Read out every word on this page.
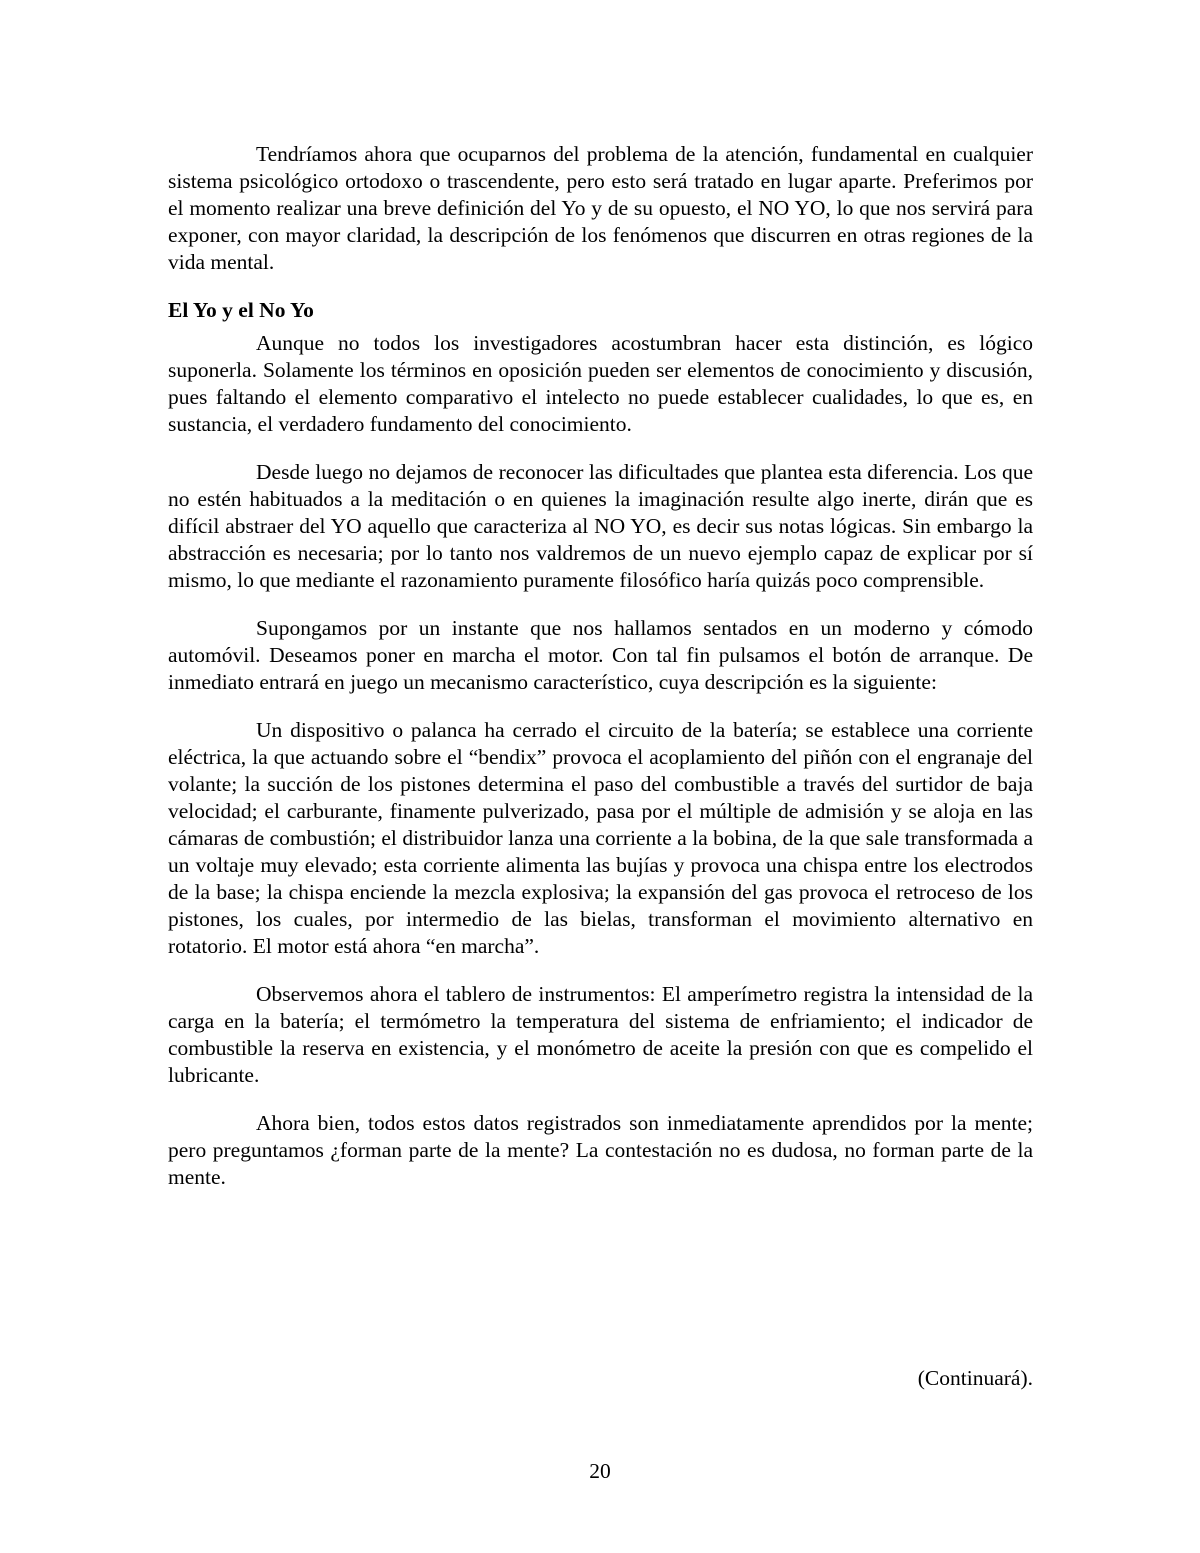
Tendríamos ahora que ocuparnos del problema de la atención, fundamental en cualquier sistema psicológico ortodoxo o trascendente, pero esto será tratado en lugar aparte. Preferimos por el momento realizar una breve definición del Yo y de su opuesto, el NO YO, lo que nos servirá para exponer, con mayor claridad, la descripción de los fenómenos que discurren en otras regiones de la vida mental.

El Yo y el No Yo

Aunque no todos los investigadores acostumbran hacer esta distinción, es lógico suponerla. Solamente los términos en oposición pueden ser elementos de conocimiento y discusión, pues faltando el elemento comparativo el intelecto no puede establecer cualidades, lo que es, en sustancia, el verdadero fundamento del conocimiento.

Desde luego no dejamos de reconocer las dificultades que plantea esta diferencia. Los que no estén habituados a la meditación o en quienes la imaginación resulte algo inerte, dirán que es difícil abstraer del YO aquello que caracteriza al NO YO, es decir sus notas lógicas. Sin embargo la abstracción es necesaria; por lo tanto nos valdremos de un nuevo ejemplo capaz de explicar por sí mismo, lo que mediante el razonamiento puramente filosófico haría quizás poco comprensible.

Supongamos por un instante que nos hallamos sentados en un moderno y cómodo automóvil. Deseamos poner en marcha el motor. Con tal fin pulsamos el botón de arranque. De inmediato entrará en juego un mecanismo característico, cuya descripción es la siguiente:

Un dispositivo o palanca ha cerrado el circuito de la batería; se establece una corriente eléctrica, la que actuando sobre el “bendix” provoca el acoplamiento del piñón con el engranaje del volante; la succión de los pistones determina el paso del combustible a través del surtidor de baja velocidad; el carburante, finamente pulverizado, pasa por el múltiple de admisión y se aloja en las cámaras de combustión; el distribuidor lanza una corriente a la bobina, de la que sale transformada a un voltaje muy elevado; esta corriente alimenta las bujías y provoca una chispa entre los electrodos de la base; la chispa enciende la mezcla explosiva; la expansión del gas provoca el retroceso de los pistones, los cuales, por intermedio de las bielas, transforman el movimiento alternativo en rotatorio. El motor está ahora “en marcha”.

Observemos ahora el tablero de instrumentos: El amperímetro registra la intensidad de la carga en la batería; el termómetro la temperatura del sistema de enfriamiento; el indicador de combustible la reserva en existencia, y el monómetro de aceite la presión con que es compelido el lubricante.

Ahora bien, todos estos datos registrados son inmediatamente aprendidos por la mente; pero preguntamos ¿forman parte de la mente? La contestación no es dudosa, no forman parte de la mente.

(Continuará).
20
